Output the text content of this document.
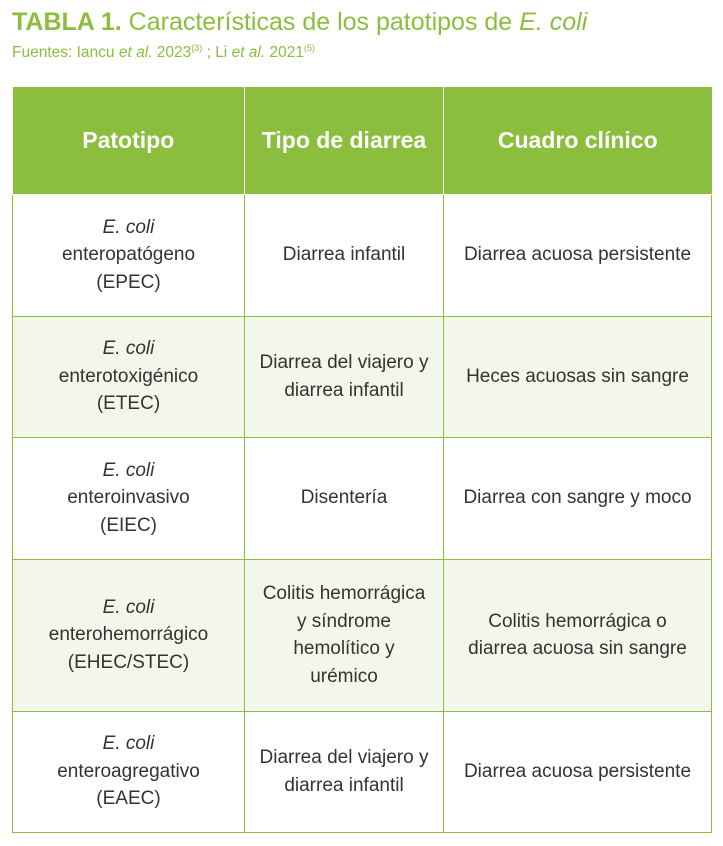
TABLA 1. Características de los patotipos de E. coli
Fuentes: Iancu et al. 2023$^{(3)}$ ; Li et al. 2021$^{(5)}$
Patotipo	Tipo de diarrea	Cuadro clínico

E. coli
enteropatógeno
(EPEC)	Diarrea infantil	Diarrea acuosa persistente

E. coli
enterotoxigénico
(ETEC)	Diarrea del viajero y diarrea infantil	Heces acuosas sin sangre

E. coli
enteroinvasivo
(EIEC)	Disentería	Diarrea con sangre y moco

E. coli
enterohemorrágico
(EHEC/STEC)	Colitis hemorrágica y síndrome hemolítico y urémico	Colitis hemorrágica o diarrea acuosa sin sangre

E. coli
enteroagregativo
(EAEC)	Diarrea del viajero y diarrea infantil	Diarrea acuosa persistente
